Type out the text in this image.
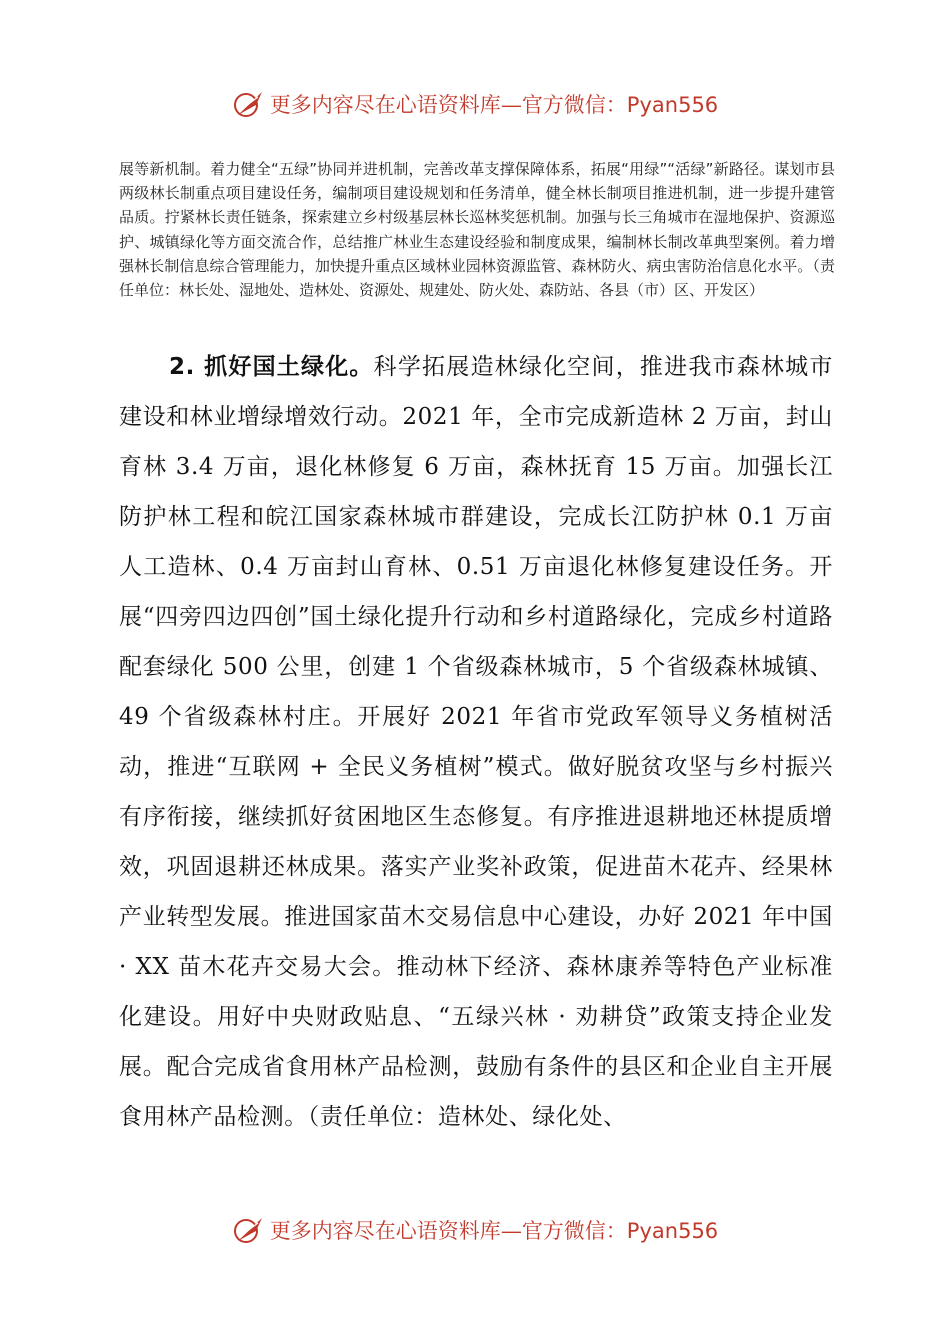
更多内容尽在心语资料库—官方微信：Pyan556

展等新机制。着力健全“五绿”协同并进机制，完善改革支撑保障体系，拓展“用绿”“活绿”新路径。谋划市县两级林长制重点项目建设任务，编制项目建设规划和任务清单，健全林长制项目推进机制，进一步提升建管品质。拧紧林长责任链条，探索建立乡村级基层林长巡林奖惩机制。加强与长三角城市在湿地保护、资源巡护、城镇绿化等方面交流合作，总结推广林业生态建设经验和制度成果，编制林长制改革典型案例。着力增强林长制信息综合管理能力，加快提升重点区域林业园林资源监管、森林防火、病虫害防治信息化水平。（责任单位：林长处、湿地处、造林处、资源处、规建处、防火处、森防站、各县（市）区、开发区）

2. 抓好国土绿化。科学拓展造林绿化空间，推进我市森林城市建设和林业增绿增效行动。2021 年，全市完成新造林 2 万亩，封山育林 3.4 万亩，退化林修复 6 万亩，森林抚育 15 万亩。加强长江防护林工程和皖江国家森林城市群建设，完成长江防护林 0.1 万亩人工造林、0.4 万亩封山育林、0.51 万亩退化林修复建设任务。开展“四旁四边四创”国土绿化提升行动和乡村道路绿化，完成乡村道路配套绿化 500 公里，创建 1 个省级森林城市，5 个省级森林城镇、49 个省级森林村庄。开展好 2021 年省市党政军领导义务植树活动，推进“互联网 + 全民义务植树”模式。做好脱贫攻坚与乡村振兴有序衔接，继续抓好贫困地区生态修复。有序推进退耕地还林提质增效，巩固退耕还林成果。落实产业奖补政策，促进苗木花卉、经果林产业转型发展。推进国家苗木交易信息中心建设，办好 2021 年中国 · XX 苗木花卉交易大会。推动林下经济、森林康养等特色产业标准化建设。用好中央财政贴息、“五绿兴林 · 劝耕贷”政策支持企业发展。配合完成省食用林产品检测，鼓励有条件的县区和企业自主开展食用林产品检测。（责任单位：造林处、绿化处、

更多内容尽在心语资料库—官方微信：Pyan556
